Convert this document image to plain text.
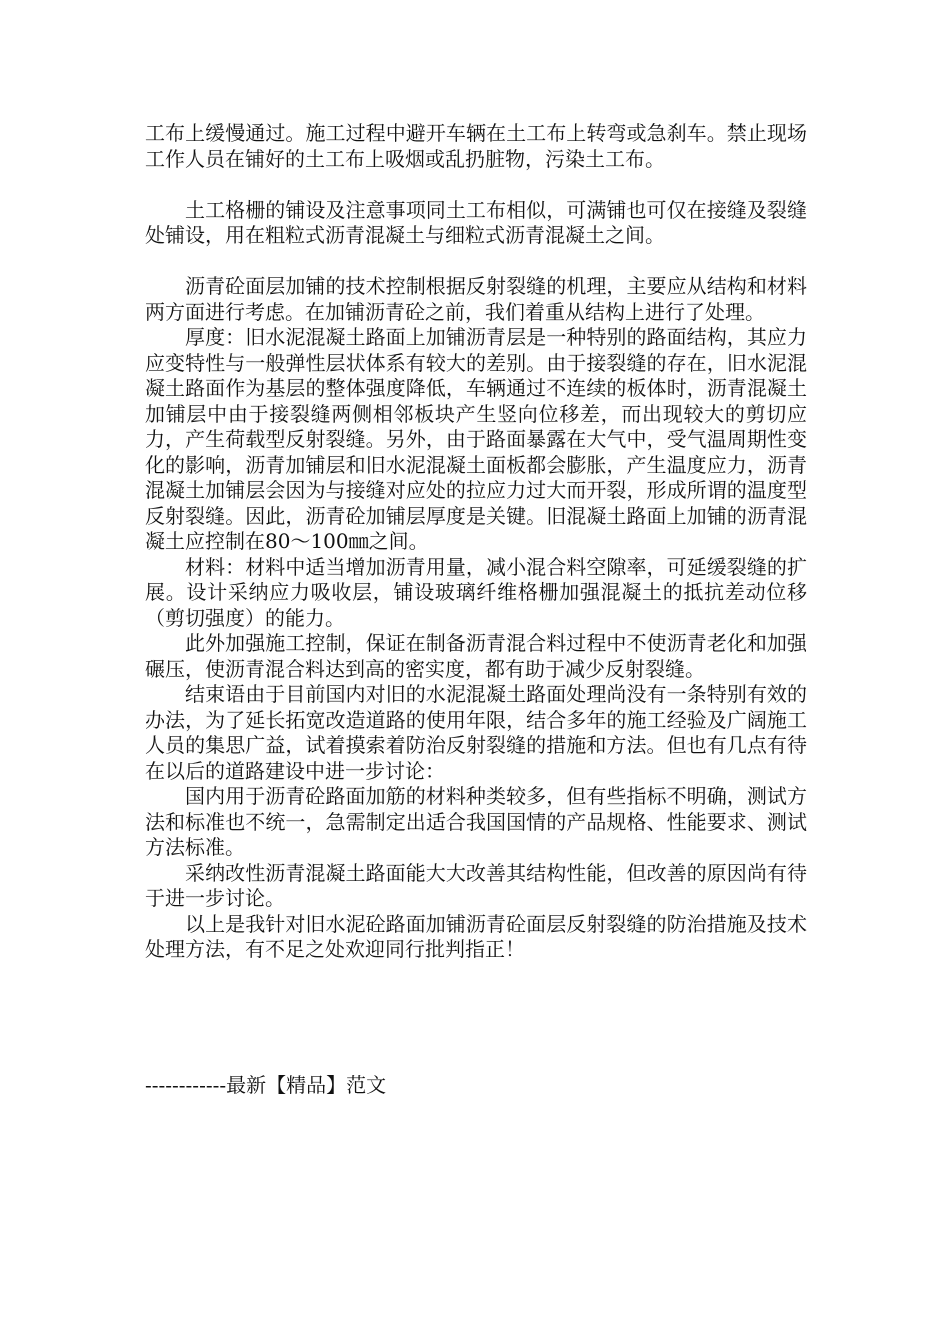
工布上缓慢通过。施工过程中避开车辆在土工布上转弯或急刹车。禁止现场工作人员在铺好的土工布上吸烟或乱扔脏物，污染土工布。

土工格栅的铺设及注意事项同土工布相似，可满铺也可仅在接缝及裂缝处铺设，用在粗粒式沥青混凝土与细粒式沥青混凝土之间。

沥青砼面层加铺的技术控制根据反射裂缝的机理，主要应从结构和材料两方面进行考虑。在加铺沥青砼之前，我们着重从结构上进行了处理。

厚度：旧水泥混凝土路面上加铺沥青层是一种特别的路面结构，其应力应变特性与一般弹性层状体系有较大的差别。由于接裂缝的存在，旧水泥混凝土路面作为基层的整体强度降低，车辆通过不连续的板体时，沥青混凝土加铺层中由于接裂缝两侧相邻板块产生竖向位移差，而出现较大的剪切应力，产生荷载型反射裂缝。另外，由于路面暴露在大气中，受气温周期性变化的影响，沥青加铺层和旧水泥混凝土面板都会膨胀，产生温度应力，沥青混凝土加铺层会因为与接缝对应处的拉应力过大而开裂，形成所谓的温度型反射裂缝。因此，沥青砼加铺层厚度是关键。旧混凝土路面上加铺的沥青混凝土应控制在80～100㎜之间。

材料：材料中适当增加沥青用量，减小混合料空隙率，可延缓裂缝的扩展。设计采纳应力吸收层，铺设玻璃纤维格栅加强混凝土的抵抗差动位移（剪切强度）的能力。

此外加强施工控制，保证在制备沥青混合料过程中不使沥青老化和加强碾压，使沥青混合料达到高的密实度，都有助于减少反射裂缝。

结束语由于目前国内对旧的水泥混凝土路面处理尚没有一条特别有效的办法，为了延长拓宽改造道路的使用年限，结合多年的施工经验及广阔施工人员的集思广益，试着摸索着防治反射裂缝的措施和方法。但也有几点有待在以后的道路建设中进一步讨论：

国内用于沥青砼路面加筋的材料种类较多，但有些指标不明确，测试方法和标准也不统一，急需制定出适合我国国情的产品规格、性能要求、测试方法标准。

采纳改性沥青混凝土路面能大大改善其结构性能，但改善的原因尚有待于进一步讨论。

以上是我针对旧水泥砼路面加铺沥青砼面层反射裂缝的防治措施及技术处理方法，有不足之处欢迎同行批判指正！

------------最新【精品】范文
